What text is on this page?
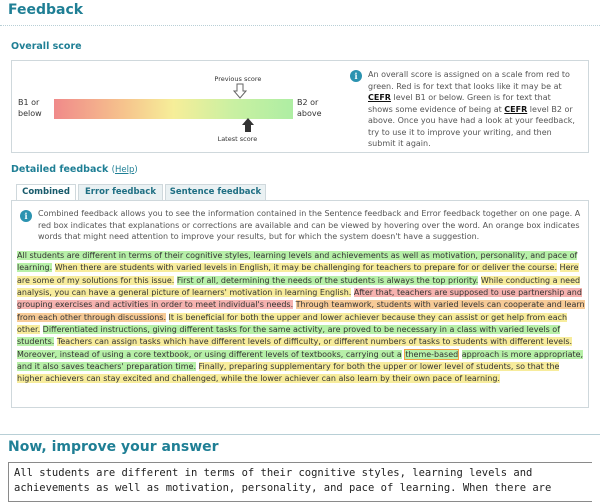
Feedback
Overall score
B1 or
below
B2 or
above
Previous score
Latest score
i	An overall score is assigned on a scale from red to
green. Red is for text that looks like it may be at
CEFR level B1 or below. Green is for text that
shows some evidence of being at CEFR level B2 or
above. Once you have had a look at your feedback,
try to use it to improve your writing, and then
submit it again.
Detailed feedback (Help)
Combined	Error feedback	Sentence feedback
i	Combined feedback allows you to see the information contained in the Sentence feedback and Error feedback together on one page. A red box indicates that explanations or corrections are available and can be viewed by hovering over the word. An orange box indicates words that might need attention to improve your results, but for which the system doesn't have a suggestion.
All students are different in terms of their cognitive styles, learning levels and achievements as well as motivation, personality, and pace of learning. When there are students with varied levels in English, it may be challenging for teachers to prepare for or deliver the course. Here are some of my solutions for this issue. First of all, determining the needs of the students is always the top priority. While conducting a need analysis, you can have a general picture of learners' motivation in learning English. After that, teachers are supposed to use partnership and grouping exercises and activities in order to meet individual's needs. Through teamwork, students with varied levels can cooperate and learn from each other through discussions. It is beneficial for both the upper and lower achiever because they can assist or get help from each other. Differentiated instructions, giving different tasks for the same activity, are proved to be necessary in a class with varied levels of students. Teachers can assign tasks which have different levels of difficulty, or different numbers of tasks to students with different levels. Moreover, instead of using a core textbook, or using different levels of textbooks, carrying out a theme-based approach is more appropriate, and it also saves teachers' preparation time. Finally, preparing supplementary for both the upper or lower level of students, so that the higher achievers can stay excited and challenged, while the lower achiever can also learn by their own pace of learning.
Now, improve your answer
All students are different in terms of their cognitive styles, learning levels and achievements as well as motivation, personality, and pace of learning. When there are
